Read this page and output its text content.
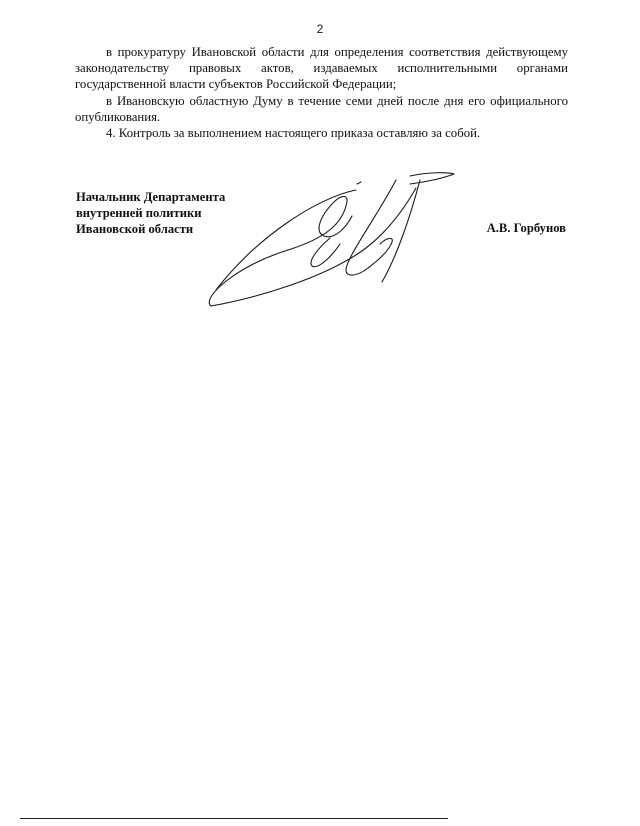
2

в прокуратуру Ивановской области для определения соответствия действующему законодательству правовых актов, издаваемых исполнительными органами государственной власти субъектов Российской Федерации;

в Ивановскую областную Думу в течение семи дней после дня его официального опубликования.

4. Контроль за выполнением настоящего приказа оставляю за собой.

Начальник Департамента
внутренней политики
Ивановской области	А.В. Горбунов
